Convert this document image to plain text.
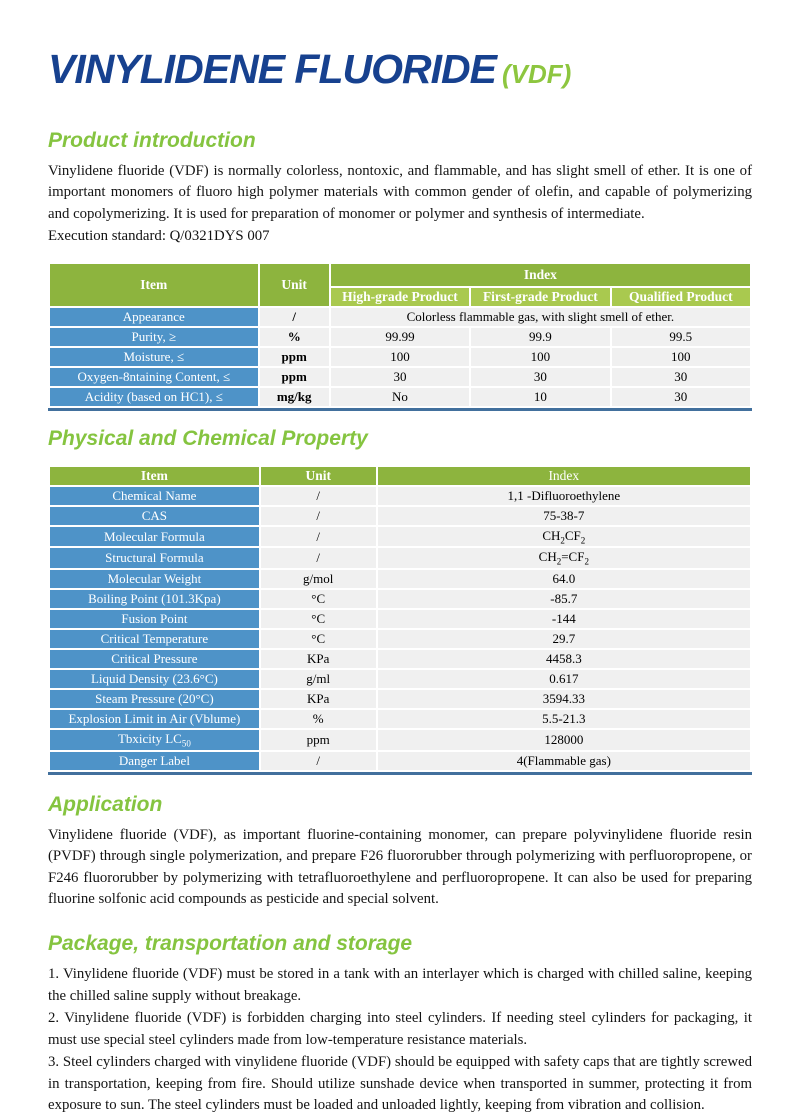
VINYLIDENE FLUORIDE (VDF)
Product introduction

Vinylidene fluoride (VDF) is normally colorless, nontoxic, and flammable, and has slight smell of ether. It is one of important monomers of fluoro high polymer materials with common gender of olefin, and capable of polymerizing and copolymerizing. It is used for preparation of monomer or polymer and synthesis of intermediate.

Execution standard: Q/0321DYS 007

Item	Unit	Index		
		High-grade Product	First-grade Product	Qualified Product
Appearance	/	Colorless flammable gas, with slight smell of ether.		
Purity, ≥	%	99.99	99.9	99.5
Moisture, ≤	ppm	100	100	100
Oxygen-8ntaining Content, ≤	ppm	30	30	30
Acidity (based on HC1), ≤	mg/kg	No	10	30
Physical and Chemical Property
Item	Unit	Index
Chemical Name	/	1,1 -Difluoroethylene
CAS	/	75-38-7
Molecular Formula	/	$CH_2CF_2$
Structural Formula	/	$CH_2=CF_2$
Molecular Weight	g/mol	64.0
Boiling Point (101.3Kpa)	°C	-85.7
Fusion Point	°C	-144
Critical Temperature	°C	29.7
Critical Pressure	KPa	4458.3
Liquid Density (23.6°C)	g/ml	0.617
Steam Pressure (20°C)	KPa	3594.33
Explosion Limit in Air (Vblume)	%	5.5-21.3
Tbxicity $LC_{50}$	ppm	128000
Danger Label	/	4(Flammable gas)
Application

Vinylidene fluoride (VDF), as important fluorine-containing monomer, can prepare polyvinylidene fluoride resin (PVDF) through single polymerization, and prepare F26 fluororubber through polymerizing with perfluoropropene, or F246 fluororubber by polymerizing with tetrafluoroethylene and perfluoropropene. It can also be used for preparing fluorine solfonic acid compounds as pesticide and special solvent.

Package, transportation and storage

1. Vinylidene fluoride (VDF) must be stored in a tank with an interlayer which is charged with chilled saline, keeping the chilled saline supply without breakage.

2. Vinylidene fluoride (VDF) is forbidden charging into steel cylinders. If needing steel cylinders for packaging, it must use special steel cylinders made from low-temperature resistance materials.

3. Steel cylinders charged with vinylidene fluoride (VDF) should be equipped with safety caps that are tightly screwed in transportation, keeping from fire. Should utilize sunshade device when transported in summer, protecting it from exposure to sun. The steel cylinders must be loaded and unloaded lightly, keeping from vibration and collision.
